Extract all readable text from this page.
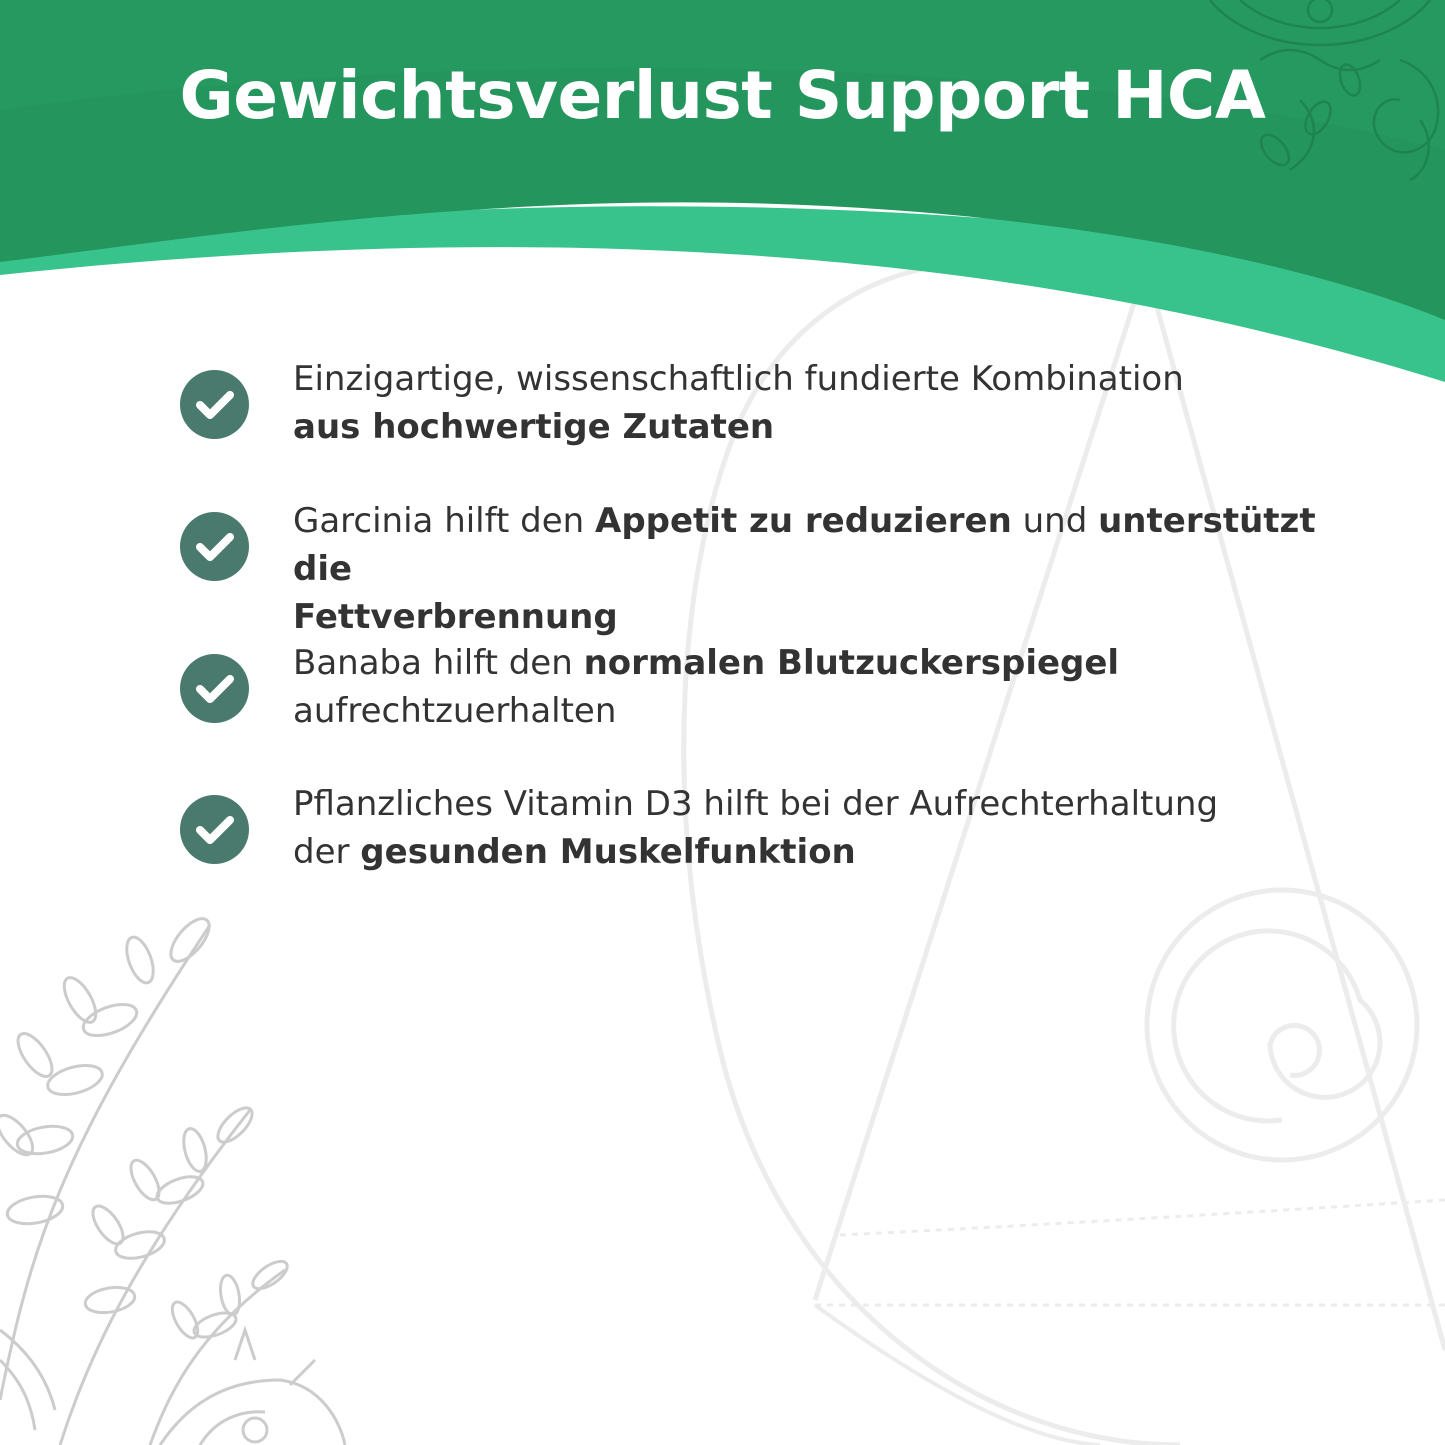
Gewichtsverlust Support HCA

Einzigartige, wissenschaftlich fundierte Kombination
aus hochwertige Zutaten

Garcinia hilft den Appetit zu reduzieren und unterstützt die
Fettverbrennung

Banaba hilft den normalen Blutzuckerspiegel
aufrechtzuerhalten

Pflanzliches Vitamin D3 hilft bei der Aufrechterhaltung
der gesunden Muskelfunktion
